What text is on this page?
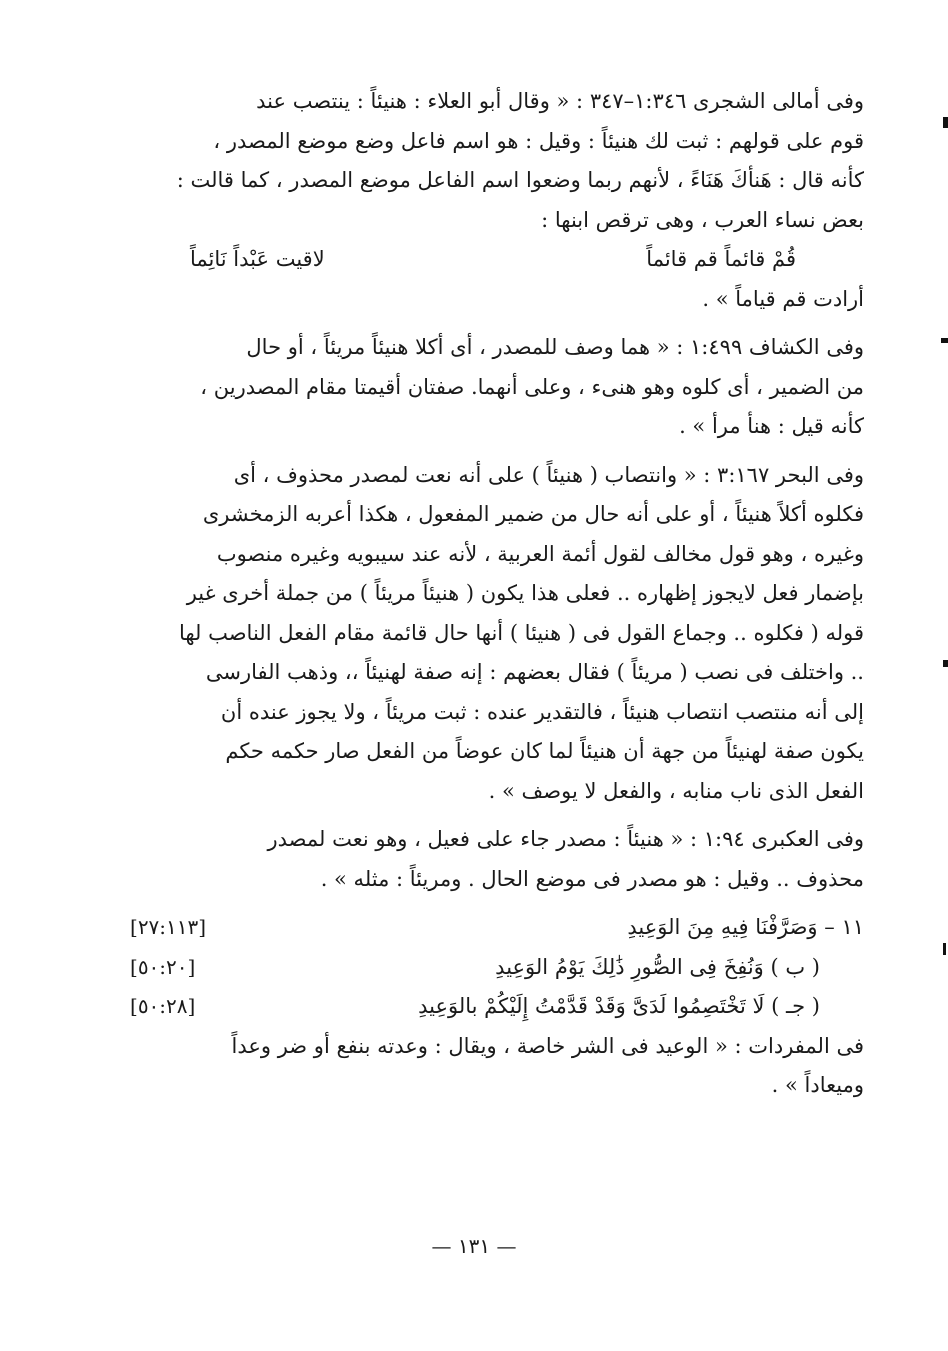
وفى أمالى الشجرى ١:٣٤٦–٣٤٧ : « وقال أبو العلاء : هنيئاً : ينتصب عند
قوم على قولهم : ثبت لك هنيئاً : وقيل : هو اسم فاعل وضع موضع المصدر ،
كأنه قال : هَنأكَ هَنَاءً ، لأنهم ربما وضعوا اسم الفاعل موضع المصدر ، كما قالت :
بعض نساء العرب ، وهى ترقص ابنها :
قُمْ قائماً قم قائماً
لاقيت عَبْداً نَائِماً
أرادت قم قياماً » .
وفى الكشاف ١:٤٩٩ : « هما وصف للمصدر ، أى أكلا هنيئاً مريئاً ، أو حال
من الضمير ، أى كلوه وهو هنىء ، وعلى أنهما. صفتان أقيمتا مقام المصدرين ،
كأنه قيل : هنأ مرأ » .
وفى البحر ٣:١٦٧ : « وانتصاب ( هنيئاً ) على أنه نعت لمصدر محذوف ، أى
فكلوه أكلاً هنيئاً ، أو على أنه حال من ضمير المفعول ، هكذا أعربه الزمخشرى
وغيره ، وهو قول مخالف لقول أئمة العربية ، لأنه عند سيبويه وغيره منصوب
بإضمار فعل لايجوز إظهاره .. فعلى هذا يكون ( هنيئاً مريئاً ) من جملة أخرى غير
قوله ( فكلوه .. وجماع القول فى ( هنيئا ) أنها حال قائمة مقام الفعل الناصب لها
.. واختلف فى نصب ( مريئاً ) فقال بعضهم : إنه صفة لهنيئاً ،، وذهب الفارسى
إلى أنه منتصب انتصاب هنيئاً ، فالتقدير عنده : ثبت مريئاً ، ولا يجوز عنده أن
يكون صفة لهنيئاً من جهة أن هنيئاً لما كان عوضاً من الفعل صار حكمه حكم
الفعل الذى ناب منابه ، والفعل لا يوصف » .
وفى العكبرى ١:٩٤ : « هنيئاً : مصدر جاء على فعيل ، وهو نعت لمصدر
محذوف .. وقيل : هو مصدر فى موضع الحال . ومريئاً : مثله » .
١١ – وَصَرَّفْنَا فِيهِ مِنَ الوَعِيدِ
[٢٧:١١٣]
( ب ) وَنُفِخَ فِى الصُّورِ ذَٰلِكَ يَوْمُ الوَعِيدِ
[٥٠:٢٠]
( جـ ) لَا تَخْتَصِمُوا لَدَىَّ وَقَدْ قَدَّمْتُ إِلَيْكُمْ بالوَعِيدِ
[٥٠:٢٨]
فى المفردات : « الوعيد فى الشر خاصة ، ويقال : وعدته بنفع أو ضر وعداً
وميعاداً » .
— ١٣١ —
